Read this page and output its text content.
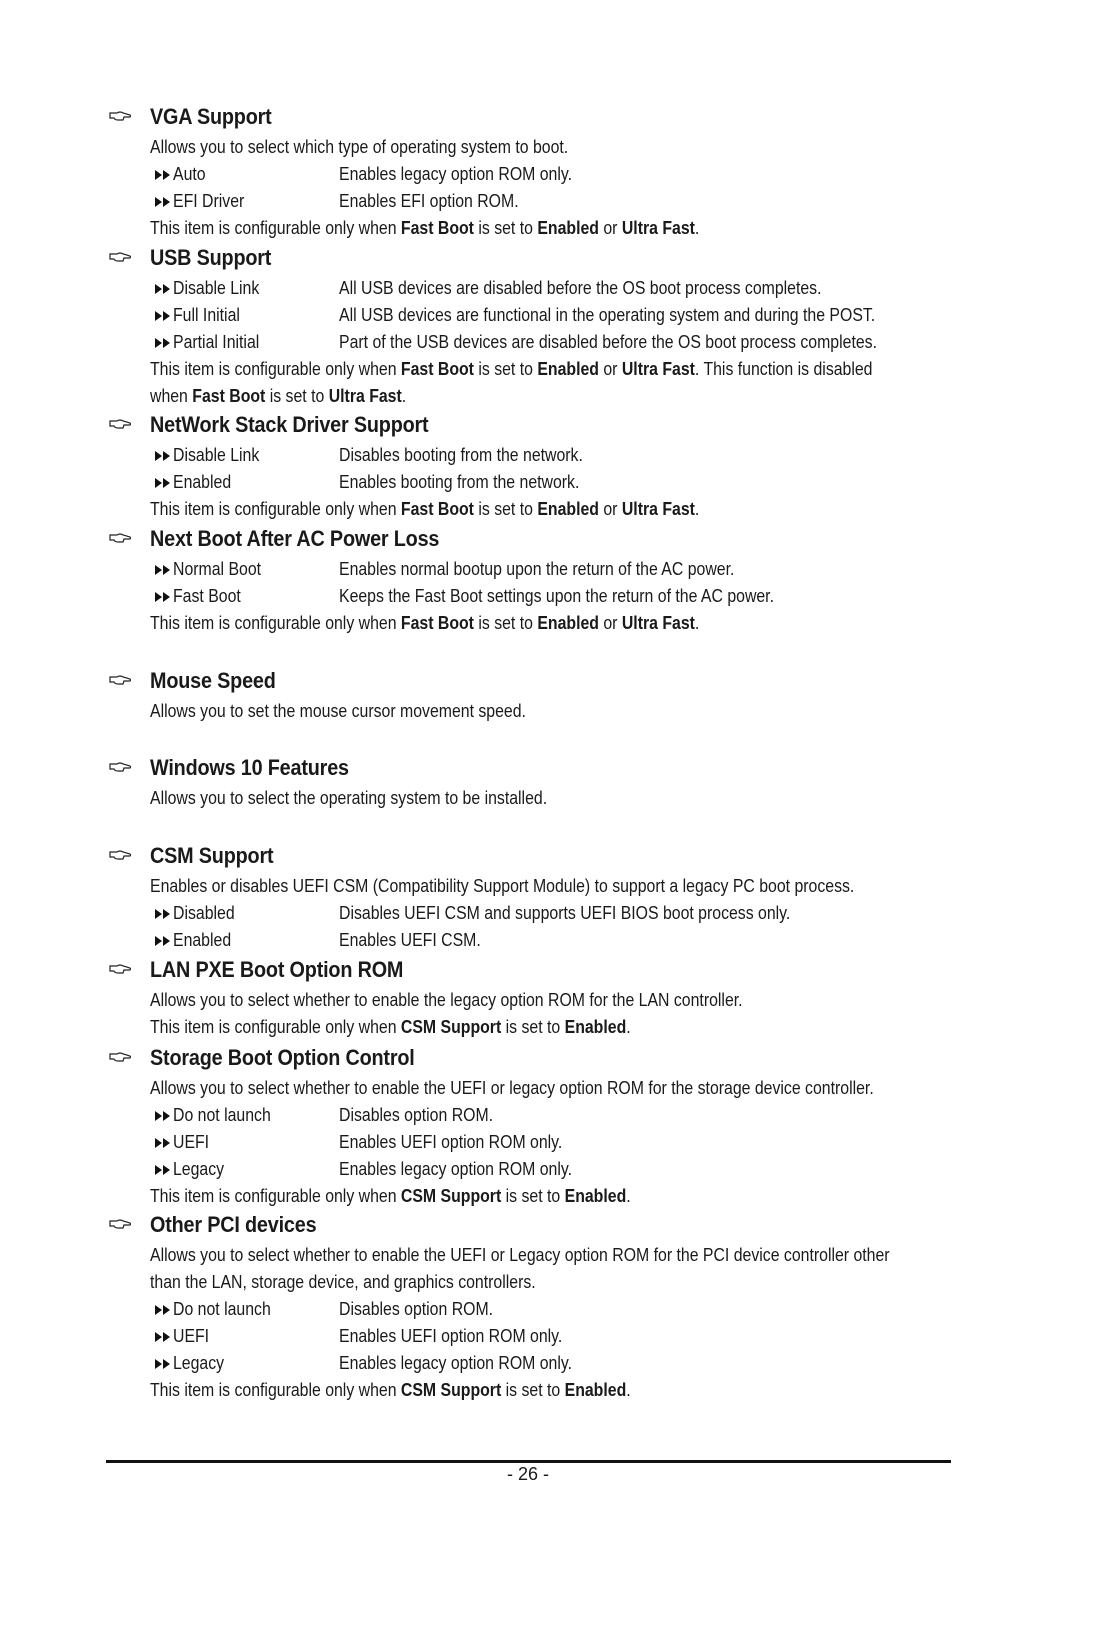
VGA Support
Allows you to select which type of operating system to boot.
Auto	Enables legacy option ROM only.
EFI Driver	Enables EFI option ROM.
This item is configurable only when Fast Boot is set to Enabled or Ultra Fast.
USB Support
Disable Link	All USB devices are disabled before the OS boot process completes.
Full Initial	All USB devices are functional in the operating system and during the POST.
Partial Initial	Part of the USB devices are disabled before the OS boot process completes.
This item is configurable only when Fast Boot is set to Enabled or Ultra Fast. This function is disabled
when Fast Boot is set to Ultra Fast.
NetWork Stack Driver Support
Disable Link	Disables booting from the network.
Enabled	Enables booting from the network.
This item is configurable only when Fast Boot is set to Enabled or Ultra Fast.
Next Boot After AC Power Loss
Normal Boot	Enables normal bootup upon the return of the AC power.
Fast Boot	Keeps the Fast Boot settings upon the return of the AC power.
This item is configurable only when Fast Boot is set to Enabled or Ultra Fast.
Mouse Speed
Allows you to set the mouse cursor movement speed.
Windows 10 Features
Allows you to select the operating system to be installed.
CSM Support
Enables or disables UEFI CSM (Compatibility Support Module) to support a legacy PC boot process.
Disabled	Disables UEFI CSM and supports UEFI BIOS boot process only.
Enabled	Enables UEFI CSM.
LAN PXE Boot Option ROM
Allows you to select whether to enable the legacy option ROM for the LAN controller.
This item is configurable only when CSM Support is set to Enabled.
Storage Boot Option Control
Allows you to select whether to enable the UEFI or legacy option ROM for the storage device controller.
Do not launch	Disables option ROM.
UEFI	Enables UEFI option ROM only.
Legacy	Enables legacy option ROM only.
This item is configurable only when CSM Support is set to Enabled.
Other PCI devices
Allows you to select whether to enable the UEFI or Legacy option ROM for the PCI device controller other
than the LAN, storage device, and graphics controllers.
Do not launch	Disables option ROM.
UEFI	Enables UEFI option ROM only.
Legacy	Enables legacy option ROM only.
This item is configurable only when CSM Support is set to Enabled.
- 26 -
